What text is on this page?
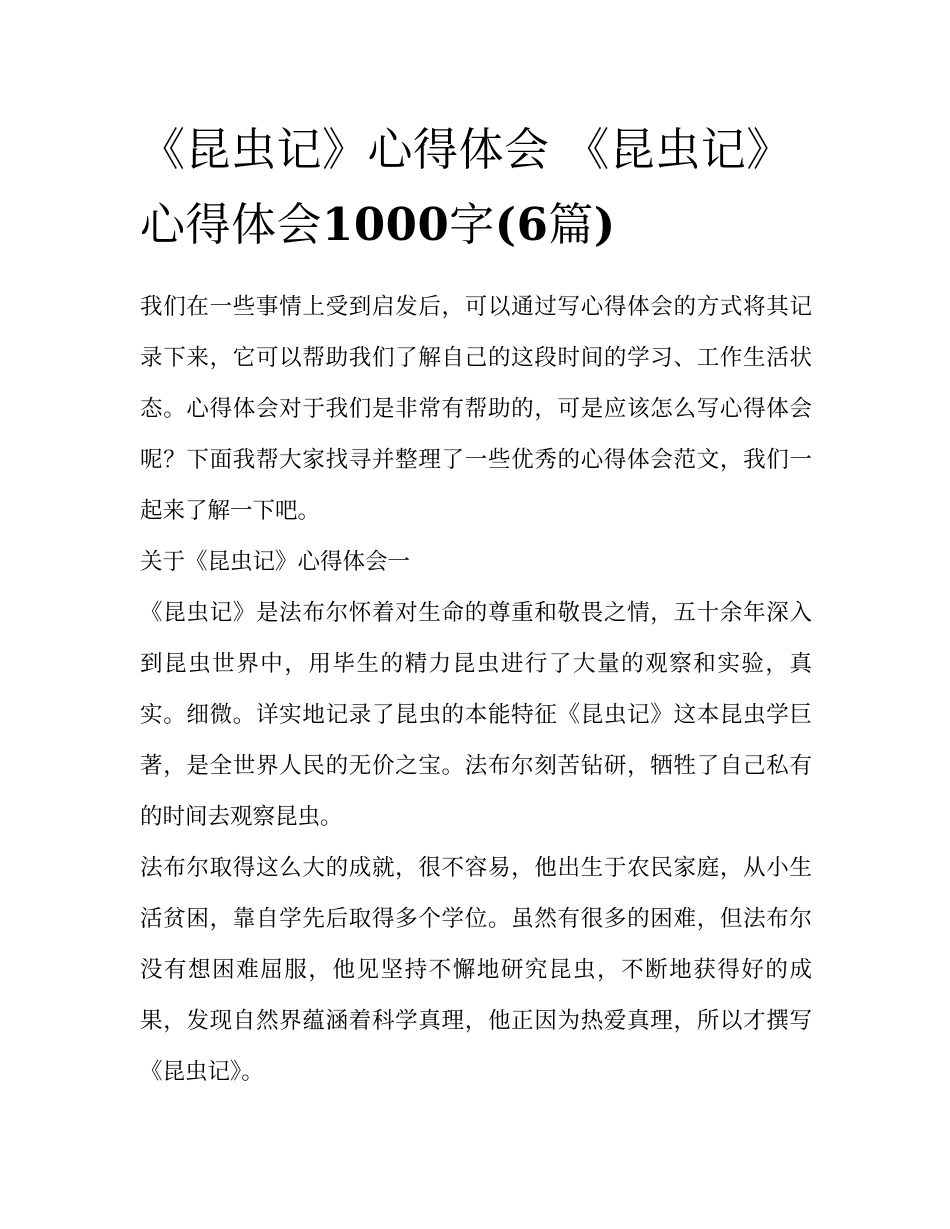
《昆虫记》心得体会 《昆虫记》心得体会1000字(6篇)

我们在一些事情上受到启发后，可以通过写心得体会的方式将其记录下来，它可以帮助我们了解自己的这段时间的学习、工作生活状态。心得体会对于我们是非常有帮助的，可是应该怎么写心得体会呢？下面我帮大家找寻并整理了一些优秀的心得体会范文，我们一起来了解一下吧。

关于《昆虫记》心得体会一

《昆虫记》是法布尔怀着对生命的尊重和敬畏之情，五十余年深入到昆虫世界中，用毕生的精力昆虫进行了大量的观察和实验，真实。细微。详实地记录了昆虫的本能特征《昆虫记》这本昆虫学巨著，是全世界人民的无价之宝。法布尔刻苦钻研，牺牲了自己私有的时间去观察昆虫。

法布尔取得这么大的成就，很不容易，他出生于农民家庭，从小生活贫困，靠自学先后取得多个学位。虽然有很多的困难，但法布尔没有想困难屈服，他见坚持不懈地研究昆虫，不断地获得好的成果，发现自然界蕴涵着科学真理，他正因为热爱真理，所以才撰写《昆虫记》。
